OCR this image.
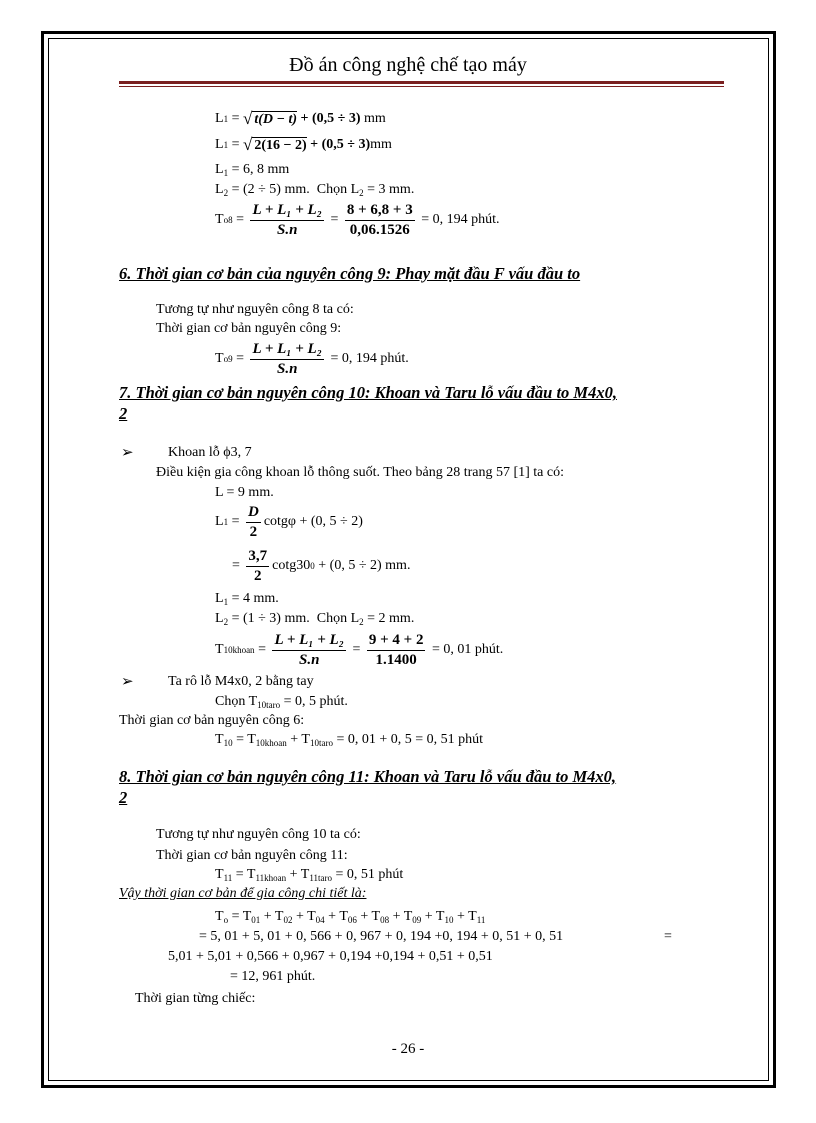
Đồ án công nghệ chế tạo máy
L 1 = √ t(D − t) + (0,5 ÷ 3) mm
L 1 = √ 2(16 − 2) + (0,5 ÷ 3) mm
$L_1 = 6$, 8 mm
$L_2 = (2 \div 5)$ mm.  Chọn $L_2 = 3$ mm.
T $o8 = \frac{\text{L + L₁ + L₂}}{S.n} = \frac{8 + 6,8 + 3}{0,06.1526} = 0$, 194 phút.
6. Thời gian cơ bản của nguyên công 9: Phay mặt đầu F vấu đầu to
Tương tự như nguyên công 8 ta có:
Thời gian cơ bản nguyên công 9:
T $o9 = \frac{\text{L + L₁ + L₂}}{S.n} = 0$, 194 phút.
7. Thời gian cơ bản nguyên công 10: Khoan và Taru lỗ vấu đầu to M4x0,
2
➢ Khoan lỗ ϕ3, 7
Điều kiện gia công khoan lỗ thông suốt. Theo bảng 28 trang 57 [1] ta có:
L = 9 mm.
L $1 = \frac{D}{2}$ cotgφ + (0, 5 ÷ 2)
= $\frac{3,7}{2} \cot g30$ 0 + (0, 5 ÷ 2) mm.
$L_1 = 4$ mm.
$L_2 = (1 \div 3)$ mm.  Chọn $L_2 = 2$ mm.
T 10khoan = $\frac{\text{L + L₁ + L₂}}{S.n} = \frac{9 + 4 + 2}{1.1400} = 0$, 01 phút.
➢ Ta rô lỗ M4x0, 2 bằng tay
Chọn $T_{10taro} = 0$, 5 phút.
Thời gian cơ bản nguyên công 6:
$T_{10} = T_{10khoan} + T_{10taro} = 0$, 01 + 0, 5 = 0, 51 phút
8. Thời gian cơ bản nguyên công 11: Khoan và Taru lỗ vấu đầu to M4x0,
2
Tương tự như nguyên công 10 ta có:
Thời gian cơ bản nguyên công 11:
$T_{11} = T_{11khoan} + T_{11taro} = 0$, 51 phút
Vậy thời gian cơ bản để gia công chi tiết là:
$T_o = T_{01} + T_{02} + T_{04} + T_{06} + T_{08} + T_{09} + T_{10} + T_{11}$
= 5, 01 + 5, 01 + 0, 566 + 0, 967 + 0, 194 +0, 194 + 0, 51 + 0, 51	=
5,01 + 5,01 + 0,566 + 0,967 + 0,194 +0,194 + 0,51 + 0,51
= 12, 961 phút.
Thời gian từng chiếc:
- 26 -
